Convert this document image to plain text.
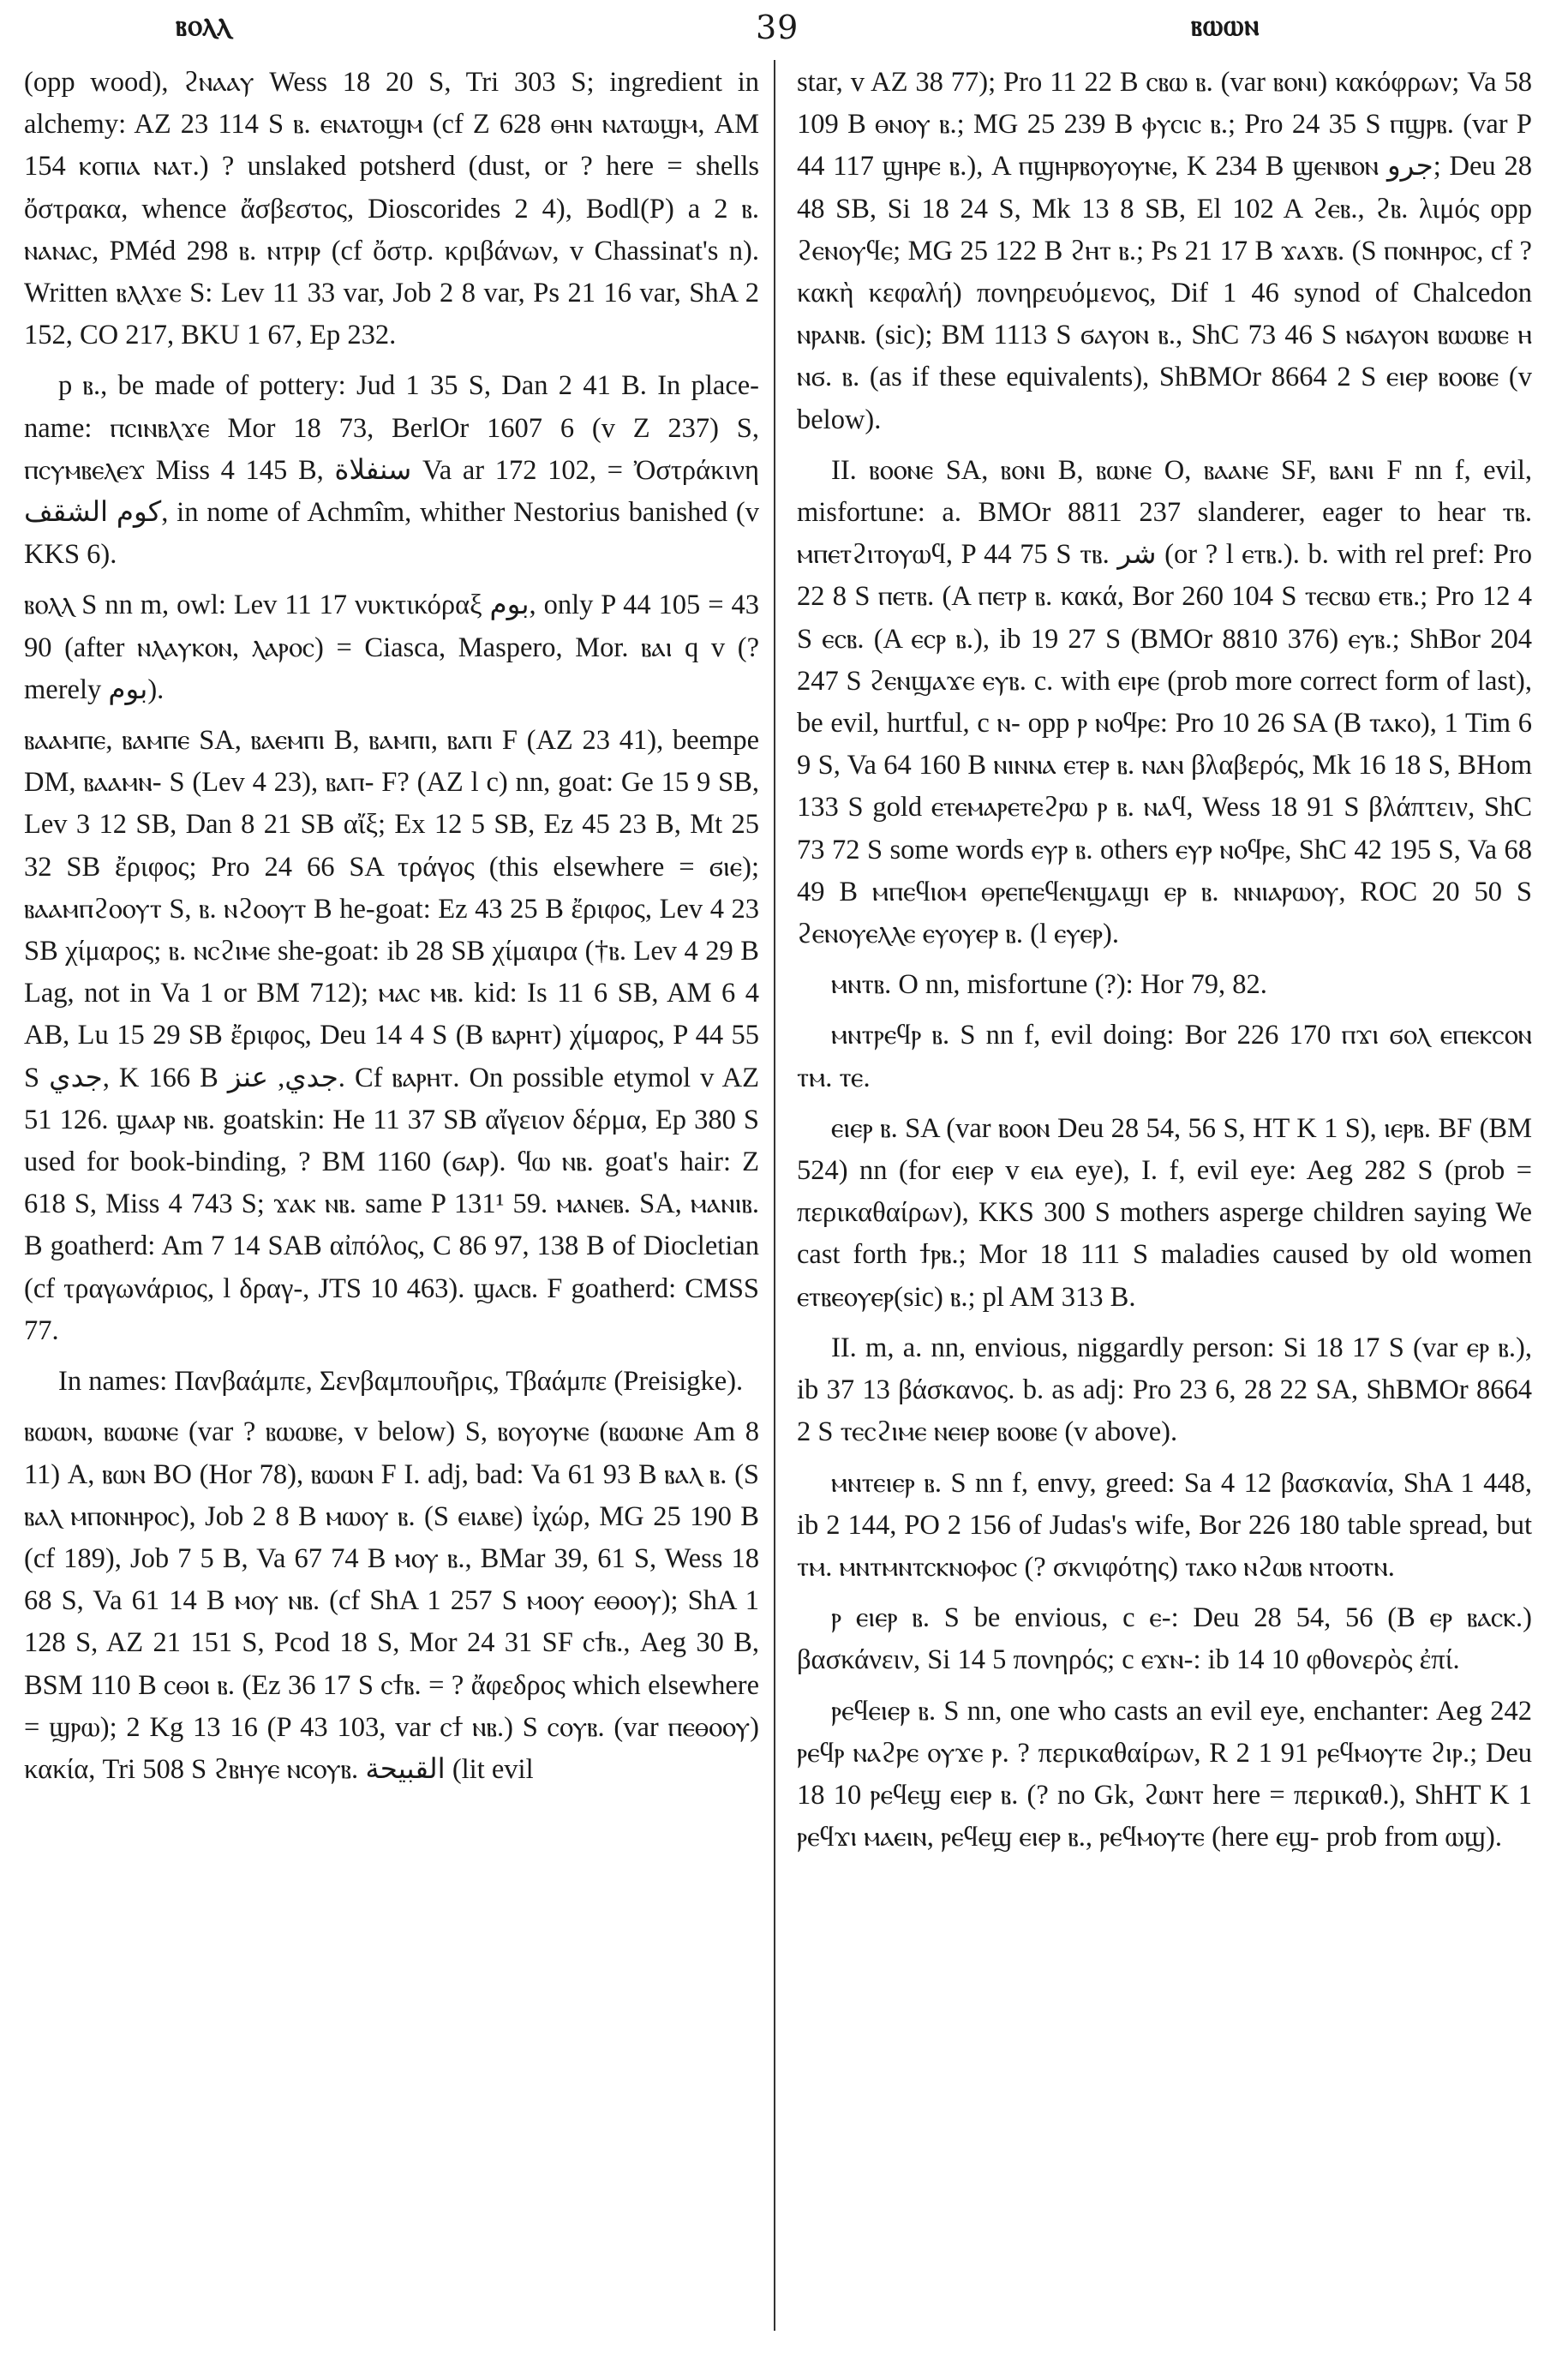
ⲃⲟⲗⲗ	39	ⲃⲱⲱⲛ

(opp wood), ϩⲛⲁⲁⲩ Wess 18 20 S, Tri 303 S; ingredient in alchemy: AZ 23 114 S ⲃ. ⲉⲛⲁⲧⲟϣⲙ (cf Z 628 ⲑⲏⲛ ⲛⲁⲧⲱϣⲙ, AM 154 ⲕⲟⲡⲓⲁ ⲛⲁⲧ.) ? unslaked potsherd (dust, or ? here = shells ὄστρακα, whence ἄσβεστος, Dioscorides 2 4), Bodl(P) a 2 ⲃ. ⲛⲁⲛⲁⲥ, PMéd 298 ⲃ. ⲛⲧⲣⲓⲣ (cf ὄστρ. κριβάνων, v Chassinat's n). Written ⲃⲗⲗϫⲉ S: Lev 11 33 var, Job 2 8 var, Ps 21 16 var, ShA 2 152, CO 217, BKU 1 67, Ep 232.

p ⲃ., be made of pottery: Jud 1 35 S, Dan 2 41 B. In place-name: ⲡⲥⲓⲛⲃⲗϫⲉ Mor 18 73, BerlOr 1607 6 (v Z 237) S, ⲡⲥⲩⲙⲃⲉⲗⲉϫ Miss 4 145 B, سنفلاة Va ar 172 102, = Ὀστράκινη كوم الشقف, in nome of Achmîm, whither Nestorius banished (v KKS 6).

ⲃⲟⲗⲗ S nn m, owl: Lev 11 17 νυκτικόραξ بوم, only P 44 105 = 43 90 (after ⲛⲗⲁⲩⲕⲟⲛ, ⲗⲁⲣⲟⲥ) = Ciasca, Maspero, Mor. ⲃⲁⲓ q v (? merely بوم).

ⲃⲁⲁⲙⲡⲉ, ⲃⲁⲙⲡⲉ SA, ⲃⲁⲉⲙⲡⲓ B, ⲃⲁⲙⲡⲓ, ⲃⲁⲡⲓ F (AZ 23 41), beempe DM, ⲃⲁⲁⲙⲛ- S (Lev 4 23), ⲃⲁⲡ- F? (AZ l c) nn, goat: Ge 15 9 SB, Lev 3 12 SB, Dan 8 21 SB αἴξ; Ex 12 5 SB, Ez 45 23 B, Mt 25 32 SB ἔριφος; Pro 24 66 SA τράγος (this elsewhere = ϭⲓⲉ); ⲃⲁⲁⲙⲡϩⲟⲟⲩⲧ S, ⲃ. ⲛϩⲟⲟⲩⲧ B he-goat: Ez 43 25 B ἔριφος, Lev 4 23 SB χίμαρος; ⲃ. ⲛⲥϩⲓⲙⲉ she-goat: ib 28 SB χίμαιρα (†ⲃ. Lev 4 29 B Lag, not in Va 1 or BM 712); ⲙⲁⲥ ⲙⲃ. kid: Is 11 6 SB, AM 6 4 AB, Lu 15 29 SB ἔριφος, Deu 14 4 S (B ⲃⲁⲣⲏⲧ) χίμαρος, P 44 55 S جدي, K 166 B جدي, عنز. Cf ⲃⲁⲣⲏⲧ. On possible etymol v AZ 51 126. ϣⲁⲁⲣ ⲛⲃ. goatskin: He 11 37 SB αἴγειον δέρμα, Ep 380 S used for book-binding, ? BM 1160 (ϭⲁⲣ). ϥⲱ ⲛⲃ. goat's hair: Z 618 S, Miss 4 743 S; ϫⲁⲕ ⲛⲃ. same P 131¹ 59. ⲙⲁⲛⲉⲃ. SA, ⲙⲁⲛⲓⲃ. B goatherd: Am 7 14 SAB αἰπόλος, C 86 97, 138 B of Diocletian (cf τραγωνάριος, l δραγ-, JTS 10 463). ϣⲁⲥⲃ. F goatherd: CMSS 77.

In names: Πανβαάμπε, Σενβαμπουῆρις, Τβαάμπε (Preisigke).

ⲃⲱⲱⲛ, ⲃⲱⲱⲛⲉ (var ? ⲃⲱⲱⲃⲉ, v below) S, ⲃⲟⲩⲟⲩⲛⲉ (ⲃⲱⲱⲛⲉ Am 8 11) A, ⲃⲱⲛ BO (Hor 78), ⲃⲱⲱⲛ F I. adj, bad: Va 61 93 B ⲃⲁⲗ ⲃ. (S ⲃⲁⲗ ⲙⲡⲟⲛⲏⲣⲟⲥ), Job 2 8 B ⲙⲱⲟⲩ ⲃ. (S ⲉⲓⲁⲃⲉ) ἰχώρ, MG 25 190 B (cf 189), Job 7 5 B, Va 67 74 B ⲙⲟⲩ ⲃ., BMar 39, 61 S, Wess 18 68 S, Va 61 14 B ⲙⲟⲩ ⲛⲃ. (cf ShA 1 257 S ⲙⲟⲟⲩ ⲉⲑⲟⲟⲩ); ShA 1 128 S, AZ 21 151 S, Pcod 18 S, Mor 24 31 SF ⲥϯⲃ., Aeg 30 B, BSM 110 B ⲥⲑⲟⲓ ⲃ. (Ez 36 17 S ⲥϯⲃ. = ? ἄφεδρος which elsewhere = ϣⲣⲱ); 2 Kg 13 16 (P 43 103, var ⲥϯ ⲛⲃ.) S ⲥⲟⲩⲃ. (var ⲡⲉⲑⲟⲟⲩ) κακία, Tri 508 S ϩⲃⲏⲩⲉ ⲛⲥⲟⲩⲃ. القبيحة (lit evil

star, v AZ 38 77); Pro 11 22 B ⲥⲃⲱ ⲃ. (var ⲃⲟⲛⲓ) κακόφρων; Va 58 109 B ⲑⲛⲟⲩ ⲃ.; MG 25 239 B ⲫⲩⲥⲓⲥ ⲃ.; Pro 24 35 S ⲡϣⲣⲃ. (var P 44 117 ϣⲏⲣⲉ ⲃ.), A ⲡϣⲏⲣⲃⲟⲩⲟⲩⲛⲉ, K 234 B ϣⲉⲛⲃⲟⲛ ﺟﺮو; Deu 28 48 SB, Si 18 24 S, Mk 13 8 SB, El 102 A ϩⲉⲃ., ϩⲃ. λιμός opp ϩⲉⲛⲟⲩϥⲉ; MG 25 122 B ϩⲏⲧ ⲃ.; Ps 21 17 B ϫⲁϫⲃ. (S ⲡⲟⲛⲏⲣⲟⲥ, cf ? κακὴ κεφαλή) πονηρευόμενος, Dif 1 46 synod of Chalcedon ⲛⲣⲁⲛⲃ. (sic); BM 1113 S ϭⲁⲩⲟⲛ ⲃ., ShC 73 46 S ⲛϭⲁⲩⲟⲛ ⲃⲱⲱⲃⲉ ⲏ ⲛϭ. ⲃ. (as if these equivalents), ShBMOr 8664 2 S ⲉⲓⲉⲣ ⲃⲟⲟⲃⲉ (v below).

II. ⲃⲟⲟⲛⲉ SA, ⲃⲟⲛⲓ B, ⲃⲱⲛⲉ O, ⲃⲁⲁⲛⲉ SF, ⲃⲁⲛⲓ F nn f, evil, misfortune: a. BMOr 8811 237 slanderer, eager to hear ⲧⲃ. ⲙⲡⲉⲧϩⲓⲧⲟⲩⲱϥ, P 44 75 S ⲧⲃ. شر (or ? l ⲉⲧⲃ.). b. with rel pref: Pro 22 8 S ⲡⲉⲧⲃ. (A ⲡⲉⲧⲣ ⲃ. κακά, Bor 260 104 S ⲧⲉⲥⲃⲱ ⲉⲧⲃ.; Pro 12 4 S ⲉⲥⲃ. (A ⲉⲥⲣ ⲃ.), ib 19 27 S (BMOr 8810 376) ⲉⲩⲃ.; ShBor 204 247 S ϩⲉⲛϣⲁϫⲉ ⲉⲩⲃ. c. with ⲉⲓⲣⲉ (prob more correct form of last), be evil, hurtful, c ⲛ- opp ⲣ ⲛⲟϥⲣⲉ: Pro 10 26 SA (B ⲧⲁⲕⲟ), 1 Tim 6 9 S, Va 64 160 B ⲛⲓⲛⲛⲁ ⲉⲧⲉⲣ ⲃ. ⲛⲁⲛ βλαβερός, Mk 16 18 S, BHom 133 S gold ⲉⲧⲉⲙⲁⲣⲉⲧⲉϩⲣⲱ ⲣ ⲃ. ⲛⲁϥ, Wess 18 91 S βλάπτειν, ShC 73 72 S some words ⲉⲩⲣ ⲃ. others ⲉⲩⲣ ⲛⲟϥⲣⲉ, ShC 42 195 S, Va 68 49 B ⲙⲡⲉϥⲓⲟⲙ ⲑⲣⲉⲡⲉϥⲉⲛϣⲁϣⲓ ⲉⲣ ⲃ. ⲛⲛⲓⲁⲣⲱⲟⲩ, ROC 20 50 S ϩⲉⲛⲟⲩⲉⲗⲗⲉ ⲉⲩⲟⲩⲉⲣ ⲃ. (l ⲉⲩⲉⲣ).

ⲙⲛⲧⲃ. O nn, misfortune (?): Hor 79, 82.

ⲙⲛⲧⲣⲉϥⲣ ⲃ. S nn f, evil doing: Bor 226 170 ⲡϫⲓ ϭⲟⲗ ⲉⲡⲉⲕⲥⲟⲛ ⲧⲙ. ⲧⲉ.

ⲉⲓⲉⲣ ⲃ. SA (var ⲃⲟⲟⲛ Deu 28 54, 56 S, HT K 1 S), ⲓⲉⲣⲃ. BF (BM 524) nn (for ⲉⲓⲉⲣ v ⲉⲓⲁ eye), I. f, evil eye: Aeg 282 S (prob = περικαθαίρων), KKS 300 S mothers asperge children saying We cast forth ϯⲣⲃ.; Mor 18 111 S maladies caused by old women ⲉⲧⲃⲉⲟⲩⲉⲣ(sic) ⲃ.; pl AM 313 B.

II. m, a. nn, envious, niggardly person: Si 18 17 S (var ⲉⲣ ⲃ.), ib 37 13 βάσκανος. b. as adj: Pro 23 6, 28 22 SA, ShBMOr 8664 2 S ⲧⲉⲥϩⲓⲙⲉ ⲛⲉⲓⲉⲣ ⲃⲟⲟⲃⲉ (v above).

ⲙⲛⲧⲉⲓⲉⲣ ⲃ. S nn f, envy, greed: Sa 4 12 βασκανία, ShA 1 448, ib 2 144, PO 2 156 of Judas's wife, Bor 226 180 table spread, but ⲧⲙ. ⲙⲛⲧⲙⲛⲧⲥⲕⲛⲟⲫⲟⲥ (? σκνιφότης) ⲧⲁⲕⲟ ⲛϩⲱⲃ ⲛⲧⲟⲟⲧⲛ.

ⲣ ⲉⲓⲉⲣ ⲃ. S be envious, c ⲉ-: Deu 28 54, 56 (B ⲉⲣ ⲃⲁⲥⲕ.) βασκάνειν, Si 14 5 πονηρός; c ⲉϫⲛ-: ib 14 10 φθονερὸς ἐπί.

ⲣⲉϥⲉⲓⲉⲣ ⲃ. S nn, one who casts an evil eye, enchanter: Aeg 242 ⲣⲉϥⲣ ⲛⲁϩⲣⲉ ⲟⲩϫⲉ ⲣ. ? περικαθαίρων, R 2 1 91 ⲣⲉϥⲙⲟⲩⲧⲉ ϩⲓⲣ.; Deu 18 10 ⲣⲉϥⲉϣ ⲉⲓⲉⲣ ⲃ. (? no Gk, ϩⲱⲛⲧ here = περικαθ.), ShHT K 1 ⲣⲉϥϫⲓ ⲙⲁⲉⲓⲛ, ⲣⲉϥⲉϣ ⲉⲓⲉⲣ ⲃ., ⲣⲉϥⲙⲟⲩⲧⲉ (here ⲉϣ- prob from ⲱϣ).
